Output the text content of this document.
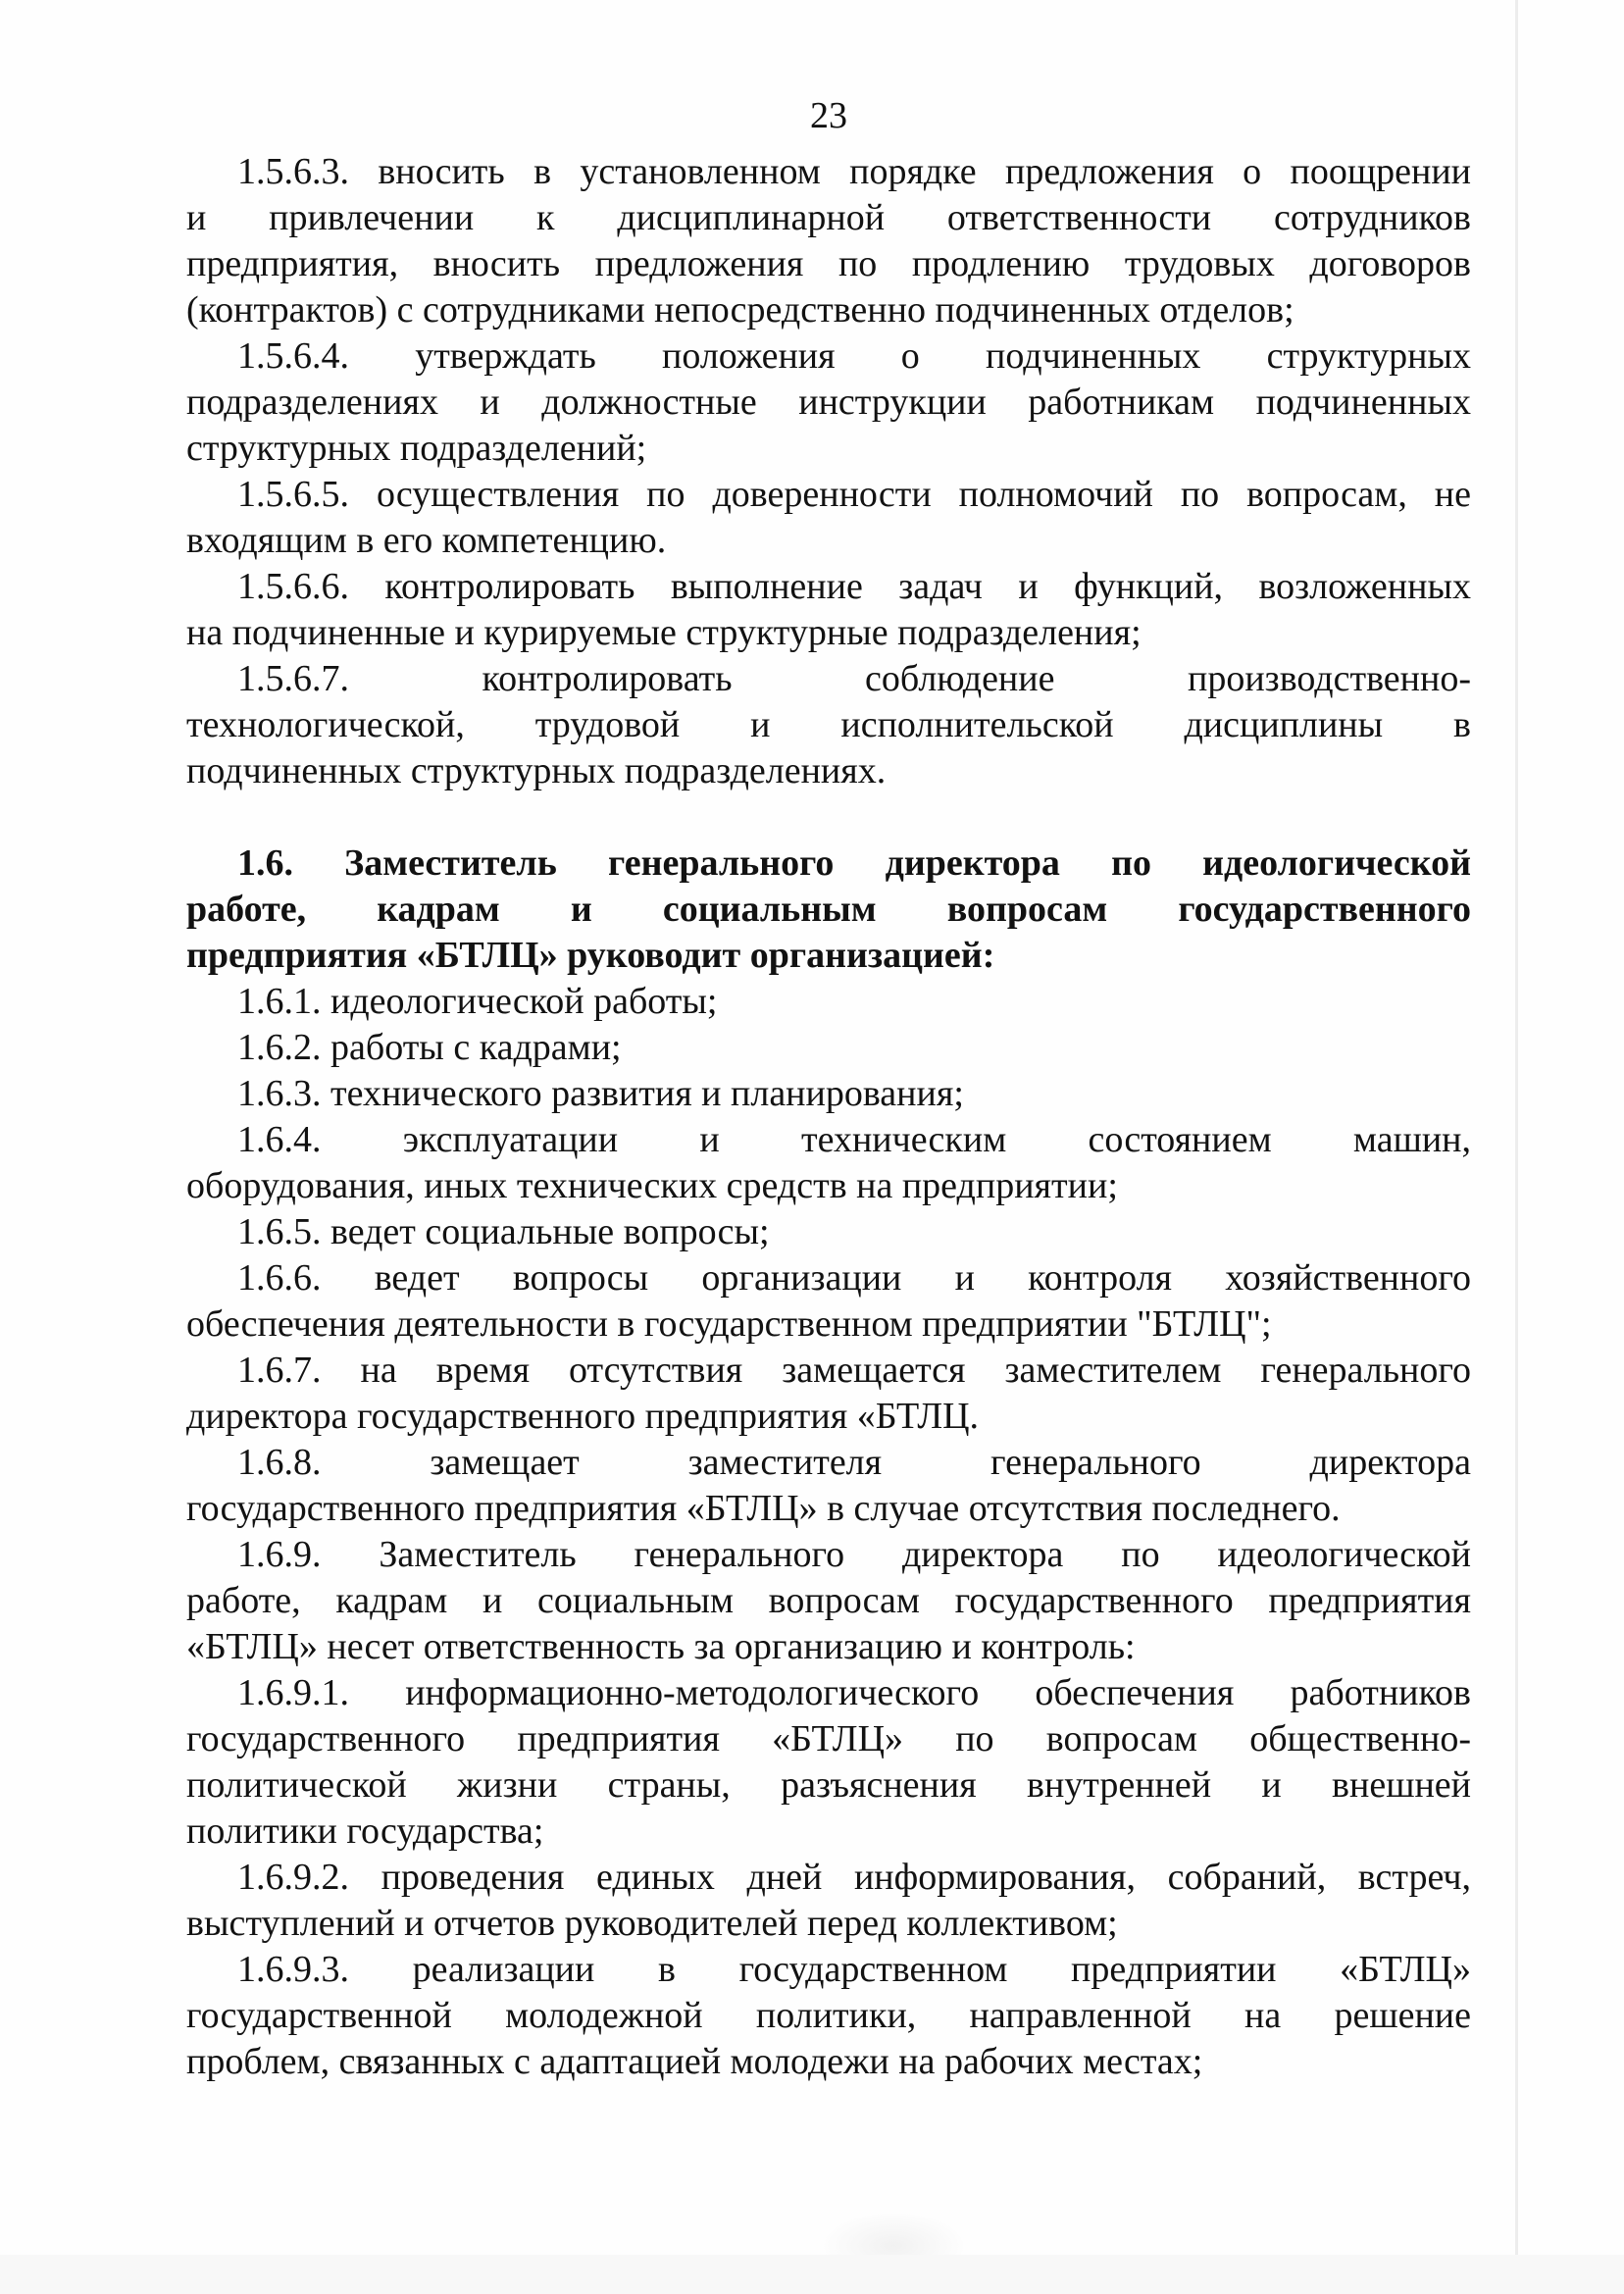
23

1.5.6.3. вносить в установленном порядке предложения о поощрении
и привлечении к дисциплинарной ответственности сотрудников
предприятия, вносить предложения по продлению трудовых договоров
(контрактов) с сотрудниками непосредственно подчиненных отделов;

1.5.6.4. утверждать положения о подчиненных структурных
подразделениях и должностные инструкции работникам подчиненных
структурных подразделений;

1.5.6.5. осуществления по доверенности полномочий по вопросам, не
входящим в его компетенцию.

1.5.6.6. контролировать выполнение задач и функций, возложенных
на подчиненные и курируемые структурные подразделения;

1.5.6.7. контролировать соблюдение производственно-
технологической, трудовой и исполнительской дисциплины в
подчиненных структурных подразделениях.

1.6. Заместитель генерального директора по идеологической
работе, кадрам и социальным вопросам государственного
предприятия «БТЛЦ» руководит организацией:

1.6.1. идеологической работы;

1.6.2. работы с кадрами;

1.6.3. технического развития и планирования;

1.6.4. эксплуатации и техническим состоянием машин,
оборудования, иных технических средств на предприятии;

1.6.5. ведет социальные вопросы;

1.6.6. ведет вопросы организации и контроля хозяйственного
обеспечения деятельности в государственном предприятии "БТЛЦ";

1.6.7. на время отсутствия замещается заместителем генерального
директора государственного предприятия «БТЛЦ.

1.6.8. замещает заместителя генерального директора
государственного предприятия «БТЛЦ» в случае отсутствия последнего.

1.6.9. Заместитель генерального директора по идеологической
работе, кадрам и социальным вопросам государственного предприятия
«БТЛЦ» несет ответственность за организацию и контроль:

1.6.9.1. информационно-методологического обеспечения работников
государственного предприятия «БТЛЦ» по вопросам общественно-
политической жизни страны, разъяснения внутренней и внешней
политики государства;

1.6.9.2. проведения единых дней информирования, собраний, встреч,
выступлений и отчетов руководителей перед коллективом;

1.6.9.3. реализации в государственном предприятии «БТЛЦ»
государственной молодежной политики, направленной на решение
проблем, связанных с адаптацией молодежи на рабочих местах;
